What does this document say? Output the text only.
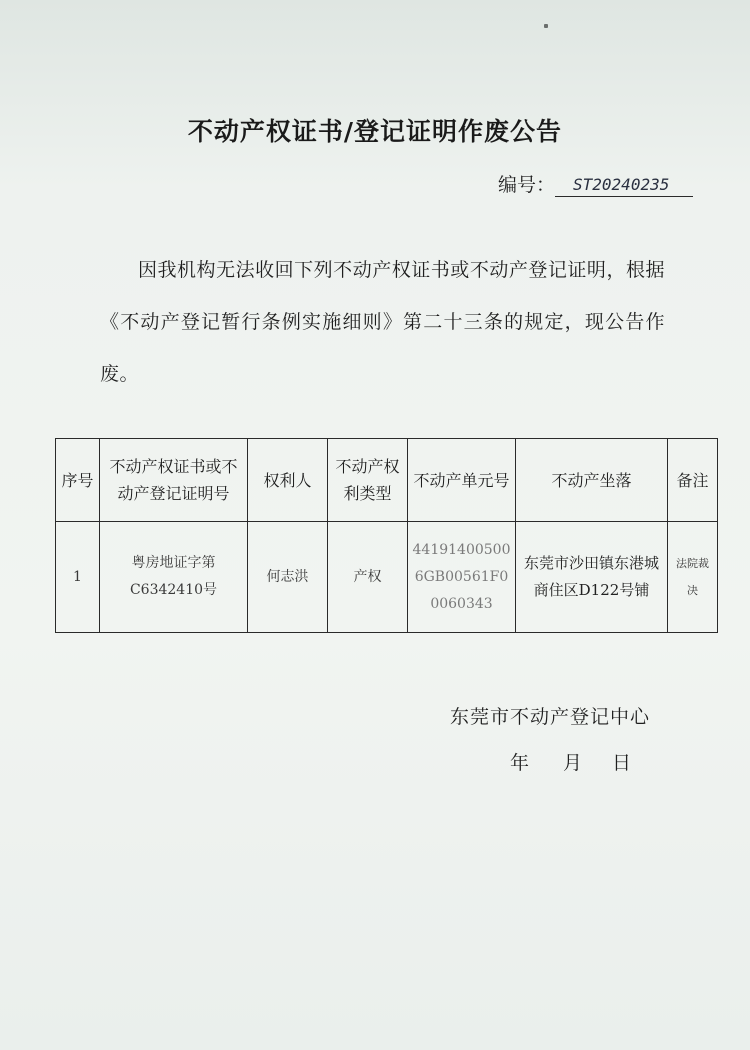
不动产权证书/登记证明作废公告
编号： ST20240235
因我机构无法收回下列不动产权证书或不动产登记证明，根据《不动产登记暂行条例实施细则》第二十三条的规定，现公告作废。
序号	不动产权证书或不动产登记证明号	权利人	不动产权利类型	不动产单元号	不动产坐落	备注
1	粤房地证字第C6342410号	何志洪	产权	441914005006GB00561F00060343	东莞市沙田镇东港城商住区D122号铺	法院裁决
东莞市不动产登记中心
年 月 日
